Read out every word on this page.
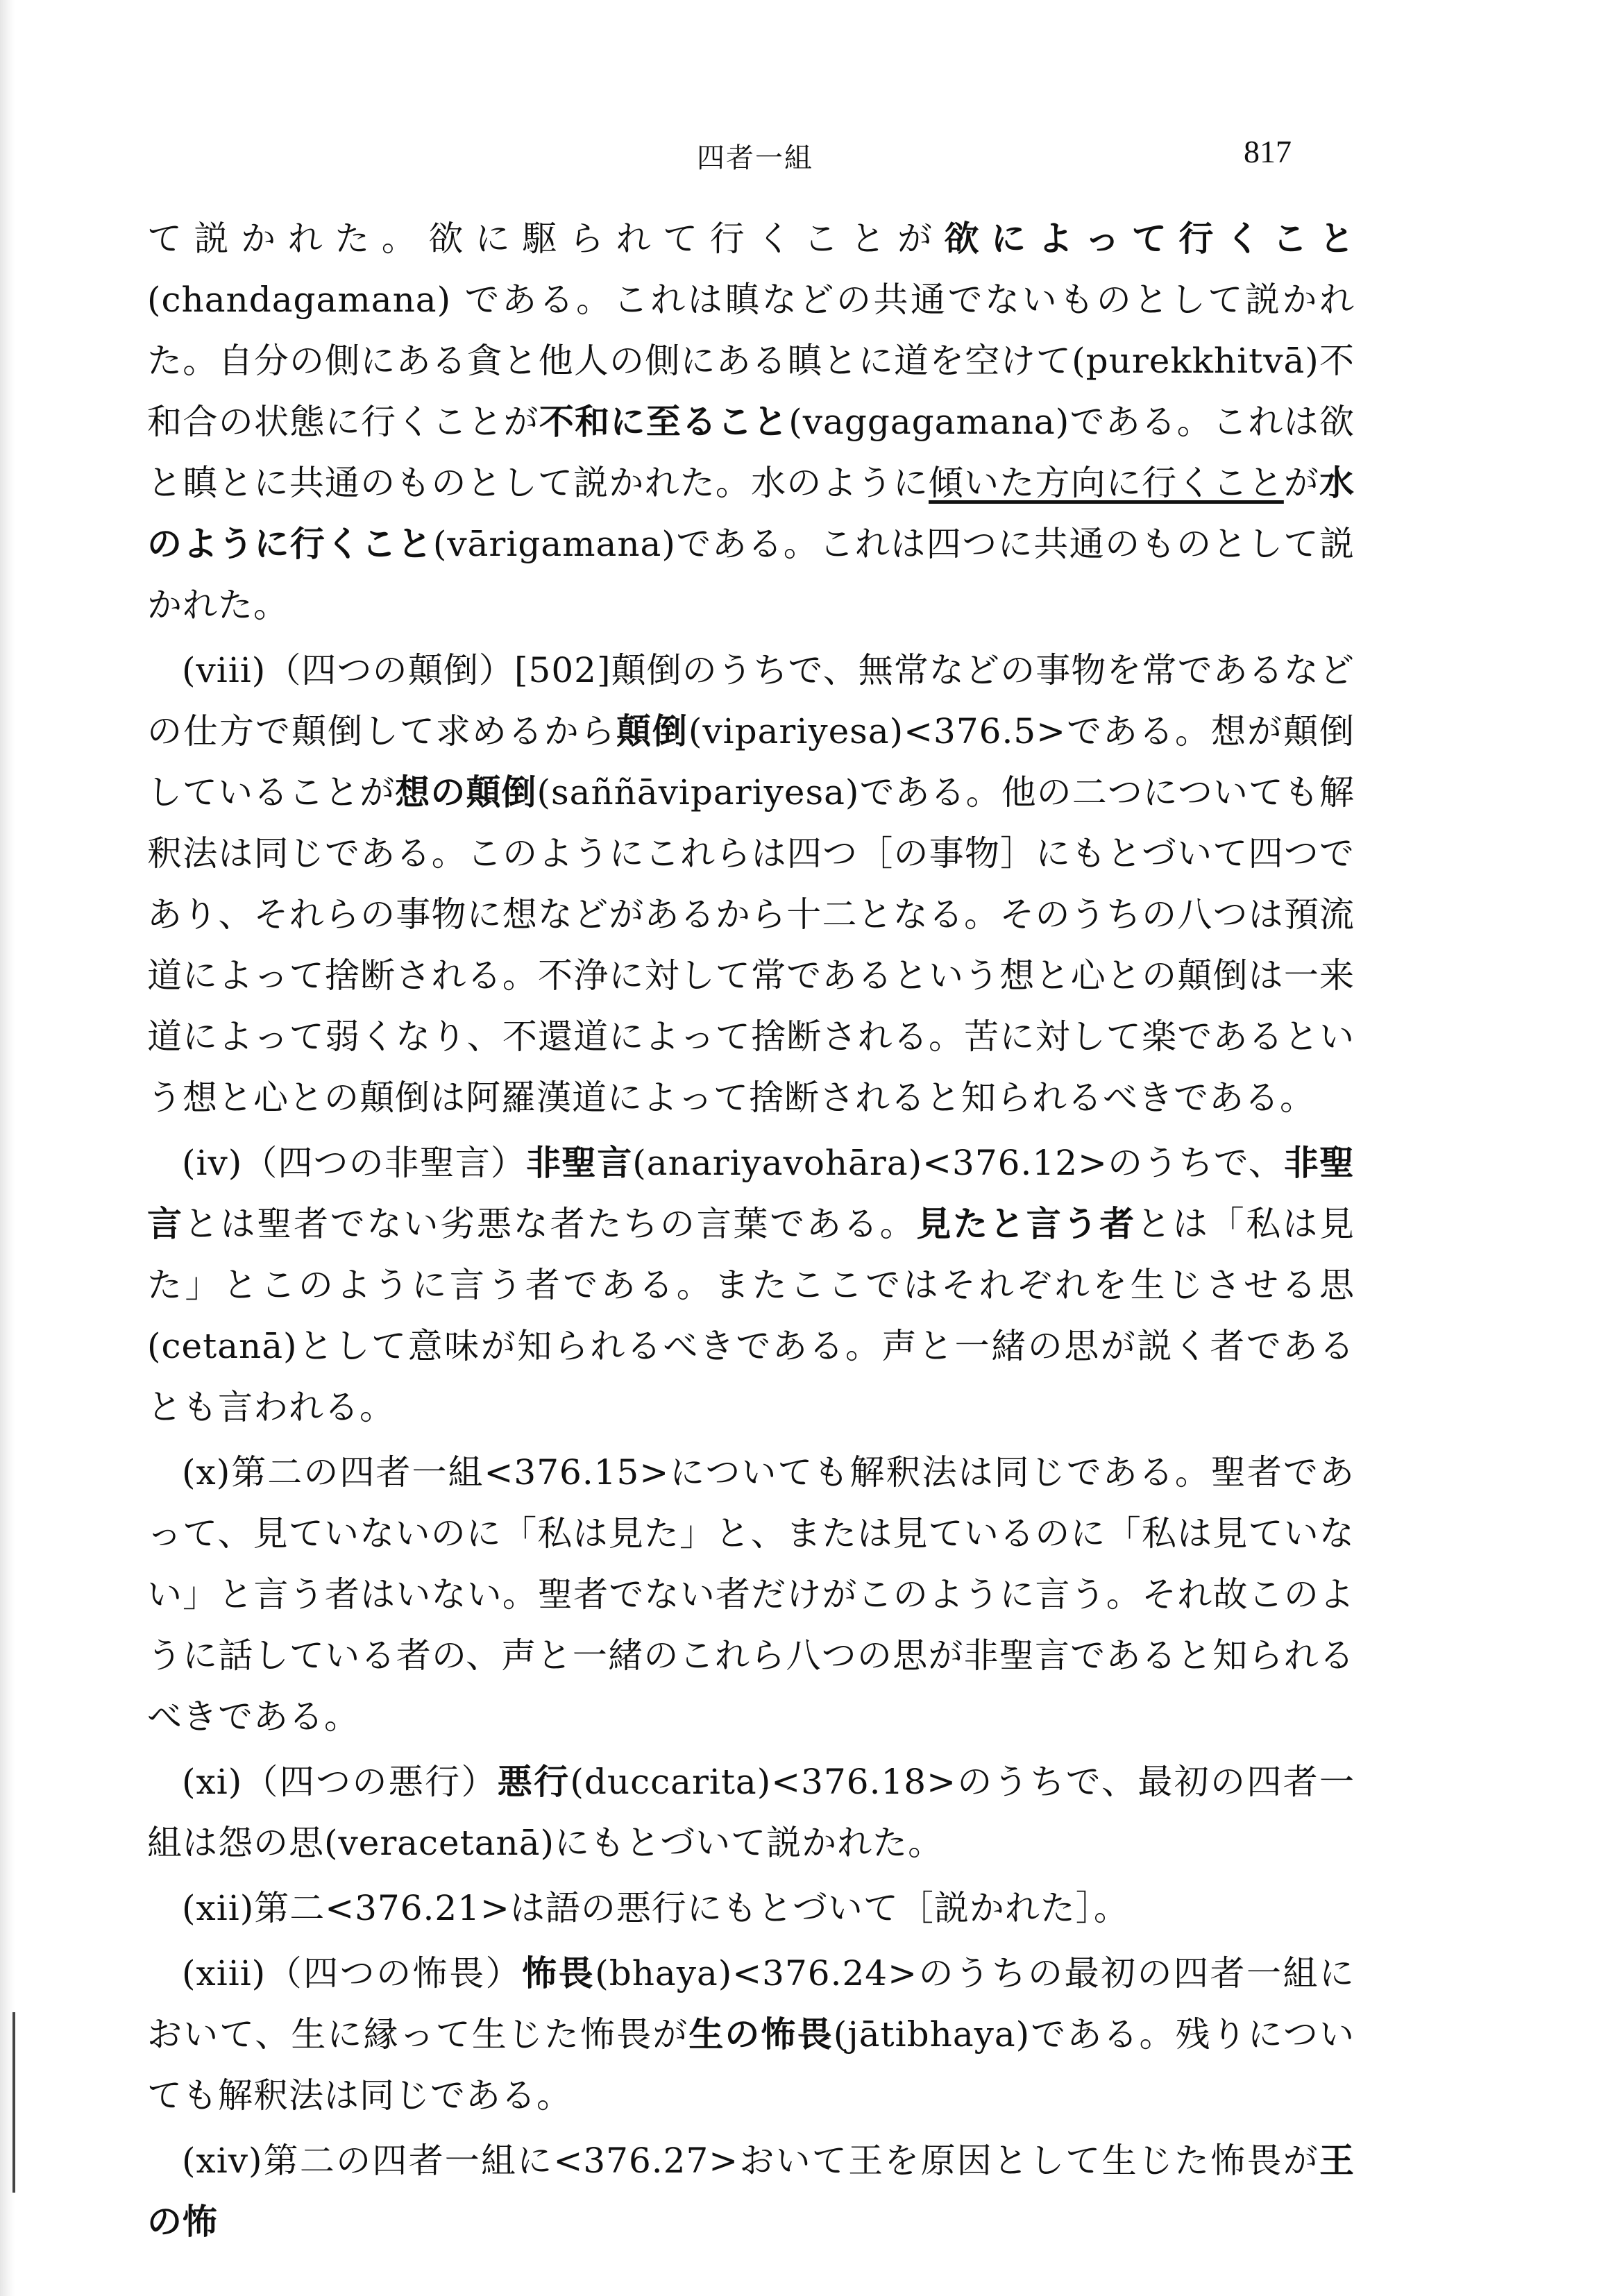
四者一組	817

て説かれた。欲に駆られて行くことが欲によって行くこと(chandagamana) である。これは瞋などの共通でないものとして説かれた。自分の側にある貪と他人の側にある瞋とに道を空けて(purekkhitvā)不和合の状態に行くことが不和に至ること(vaggagamana)である。これは欲と瞋とに共通のものとして説かれた。水のように傾いた方向に行くことが水のように行くこと(vārigamana)である。これは四つに共通のものとして説かれた。

(viii)（四つの顛倒）[502]顛倒のうちで、無常などの事物を常であるなどの仕方で顛倒して求めるから顛倒(vipariyesa)<376.5>である。想が顛倒していることが想の顛倒(saññāvipariyesa)である。他の二つについても解釈法は同じである。このようにこれらは四つ［の事物］にもとづいて四つであり、それらの事物に想などがあるから十二となる。そのうちの八つは預流道によって捨断される。不浄に対して常であるという想と心との顛倒は一来道によって弱くなり、不還道によって捨断される。苦に対して楽であるという想と心との顛倒は阿羅漢道によって捨断されると知られるべきである。

(iv)（四つの非聖言）非聖言(anariyavohāra)<376.12>のうちで、非聖言とは聖者でない劣悪な者たちの言葉である。見たと言う者とは「私は見た」とこのように言う者である。またここではそれぞれを生じさせる思(cetanā)として意味が知られるべきである。声と一緒の思が説く者であるとも言われる。

(x)第二の四者一組<376.15>についても解釈法は同じである。聖者であって、見ていないのに「私は見た」と、または見ているのに「私は見ていない」と言う者はいない。聖者でない者だけがこのように言う。それ故このように話している者の、声と一緒のこれら八つの思が非聖言であると知られるべきである。

(xi)（四つの悪行）悪行(duccarita)<376.18>のうちで、最初の四者一組は怨の思(veracetanā)にもとづいて説かれた。

(xii)第二<376.21>は語の悪行にもとづいて［説かれた］。

(xiii)（四つの怖畏）怖畏(bhaya)<376.24>のうちの最初の四者一組において、生に縁って生じた怖畏が生の怖畏(jātibhaya)である。残りについても解釈法は同じである。

(xiv)第二の四者一組に<376.27>おいて王を原因として生じた怖畏が王の怖
